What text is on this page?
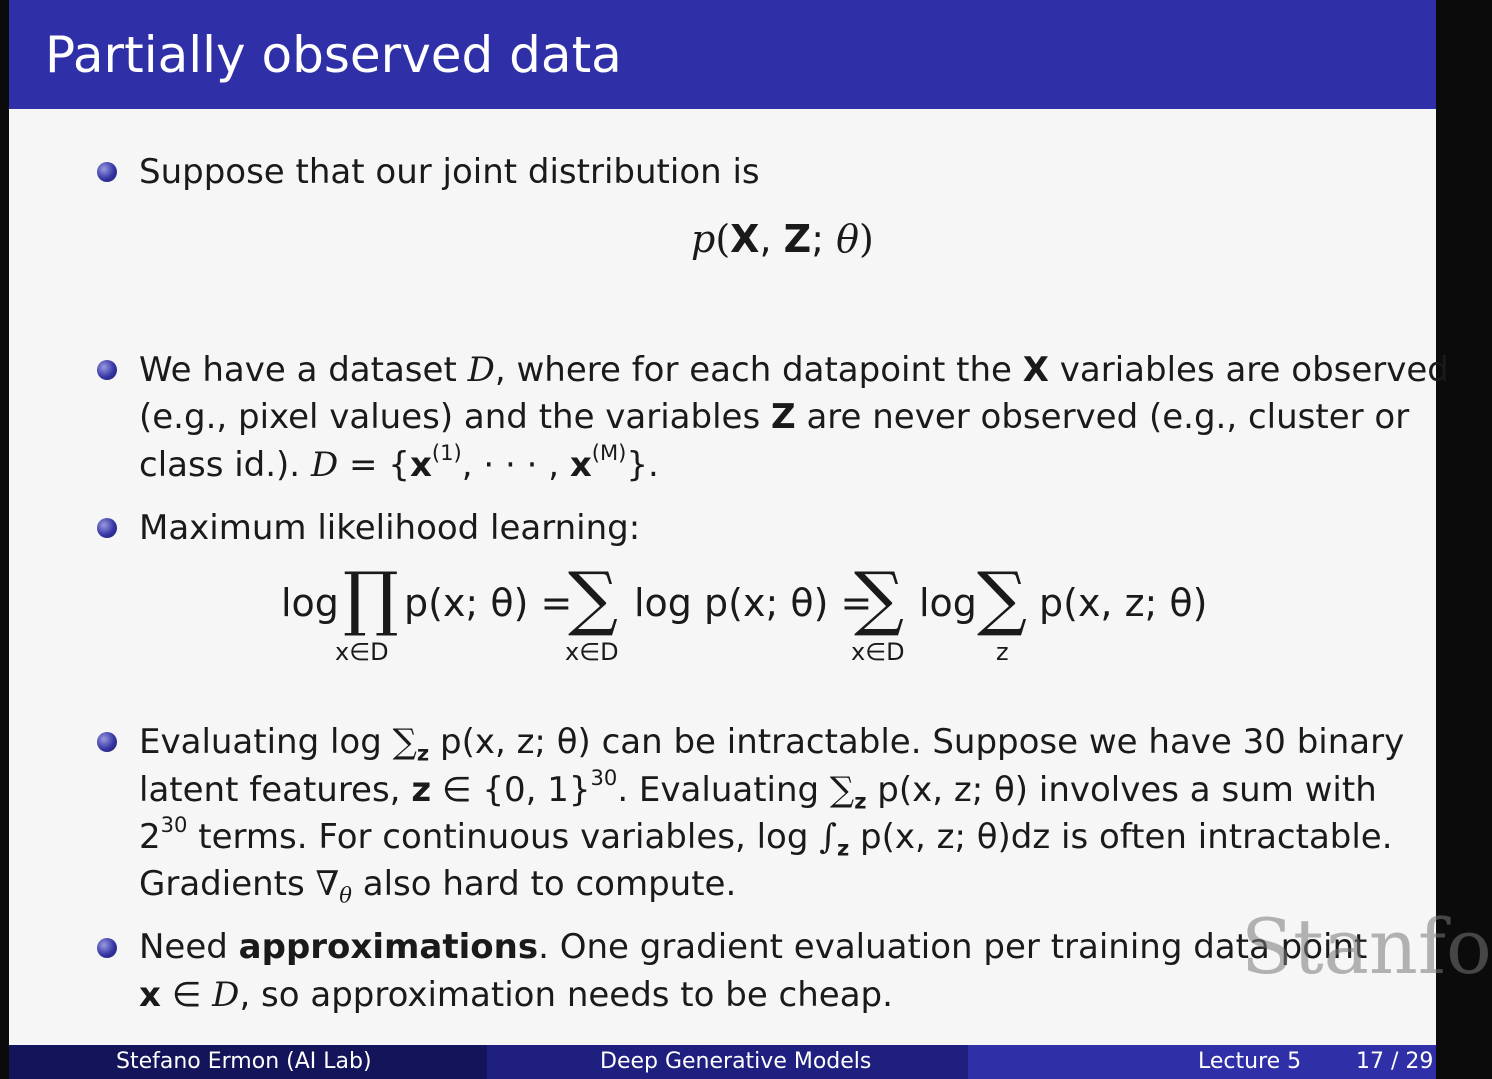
Partially observed data
Suppose that our joint distribution is
p(X, Z; θ)
We have a dataset D, where for each datapoint the X variables are observed
(e.g., pixel values) and the variables Z are never observed (e.g., cluster or
class id.). $D = \{x^{(1)}$, · · · , $x^{(M)}$}.
Maximum likelihood learning:
log ∏
x∈D
p(x; θ) =
∑
x∈D
log p(x; θ) =
∑
x∈D
log ∑
z
p(x, z; θ)
Evaluating $\log \sum_z$ p(x, z; θ) can be intractable. Suppose we have 30 binary
latent features, z ∈ {0, 1}$^{30}$. Evaluating $\sum_z$ p(x, z; θ) involves a sum with
$2^{30}$ terms. For continuous variables, $\log \int_z$ p(x, z; θ)dz is often intractable.
Gradients $\nabla_\theta$ also hard to compute.
Need approximations. One gradient evaluation per training data point
x ∈ D, so approximation needs to be cheap.
Stanfo
Stefano Ermon (AI Lab)	Deep Generative Models	Lecture 5 17 / 29
